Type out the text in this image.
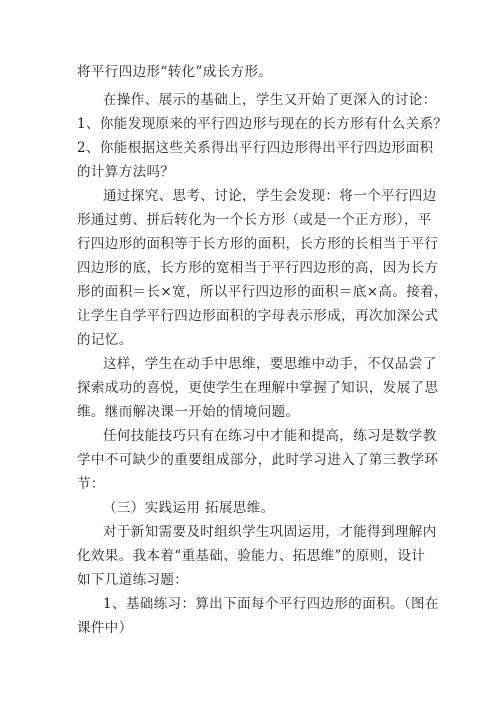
将平行四边形“转化”成长方形。
在操作、展示的基础上，学生又开始了更深入的讨论：
1、你能发现原来的平行四边形与现在的长方形有什么关系？
2、你能根据这些关系得出平行四边形得出平行四边形面积
的计算方法吗？
通过探究、思考、讨论，学生会发现：将一个平行四边
形通过剪、拼后转化为一个长方形（或是一个正方形），平
行四边形的面积等于长方形的面积，长方形的长相当于平行
四边形的底，长方形的宽相当于平行四边形的高，因为长方
形的面积＝长×宽，所以平行四边形的面积＝底×高。接着，
让学生自学平行四边形面积的字母表示形成，再次加深公式
的记忆。
这样，学生在动手中思维，要思维中动手，不仅品尝了
探索成功的喜悦，更使学生在理解中掌握了知识，发展了思
维。继而解决课一开始的情境问题。
任何技能技巧只有在练习中才能和提高，练习是数学教
学中不可缺少的重要组成部分，此时学习进入了第三教学环
节：
（三）实践运用 拓展思维。
对于新知需要及时组织学生巩固运用，才能得到理解内
化效果。我本着“重基础、验能力、拓思维”的原则，设计
如下几道练习题：
1、基础练习：算出下面每个平行四边形的面积。（图在
课件中）
